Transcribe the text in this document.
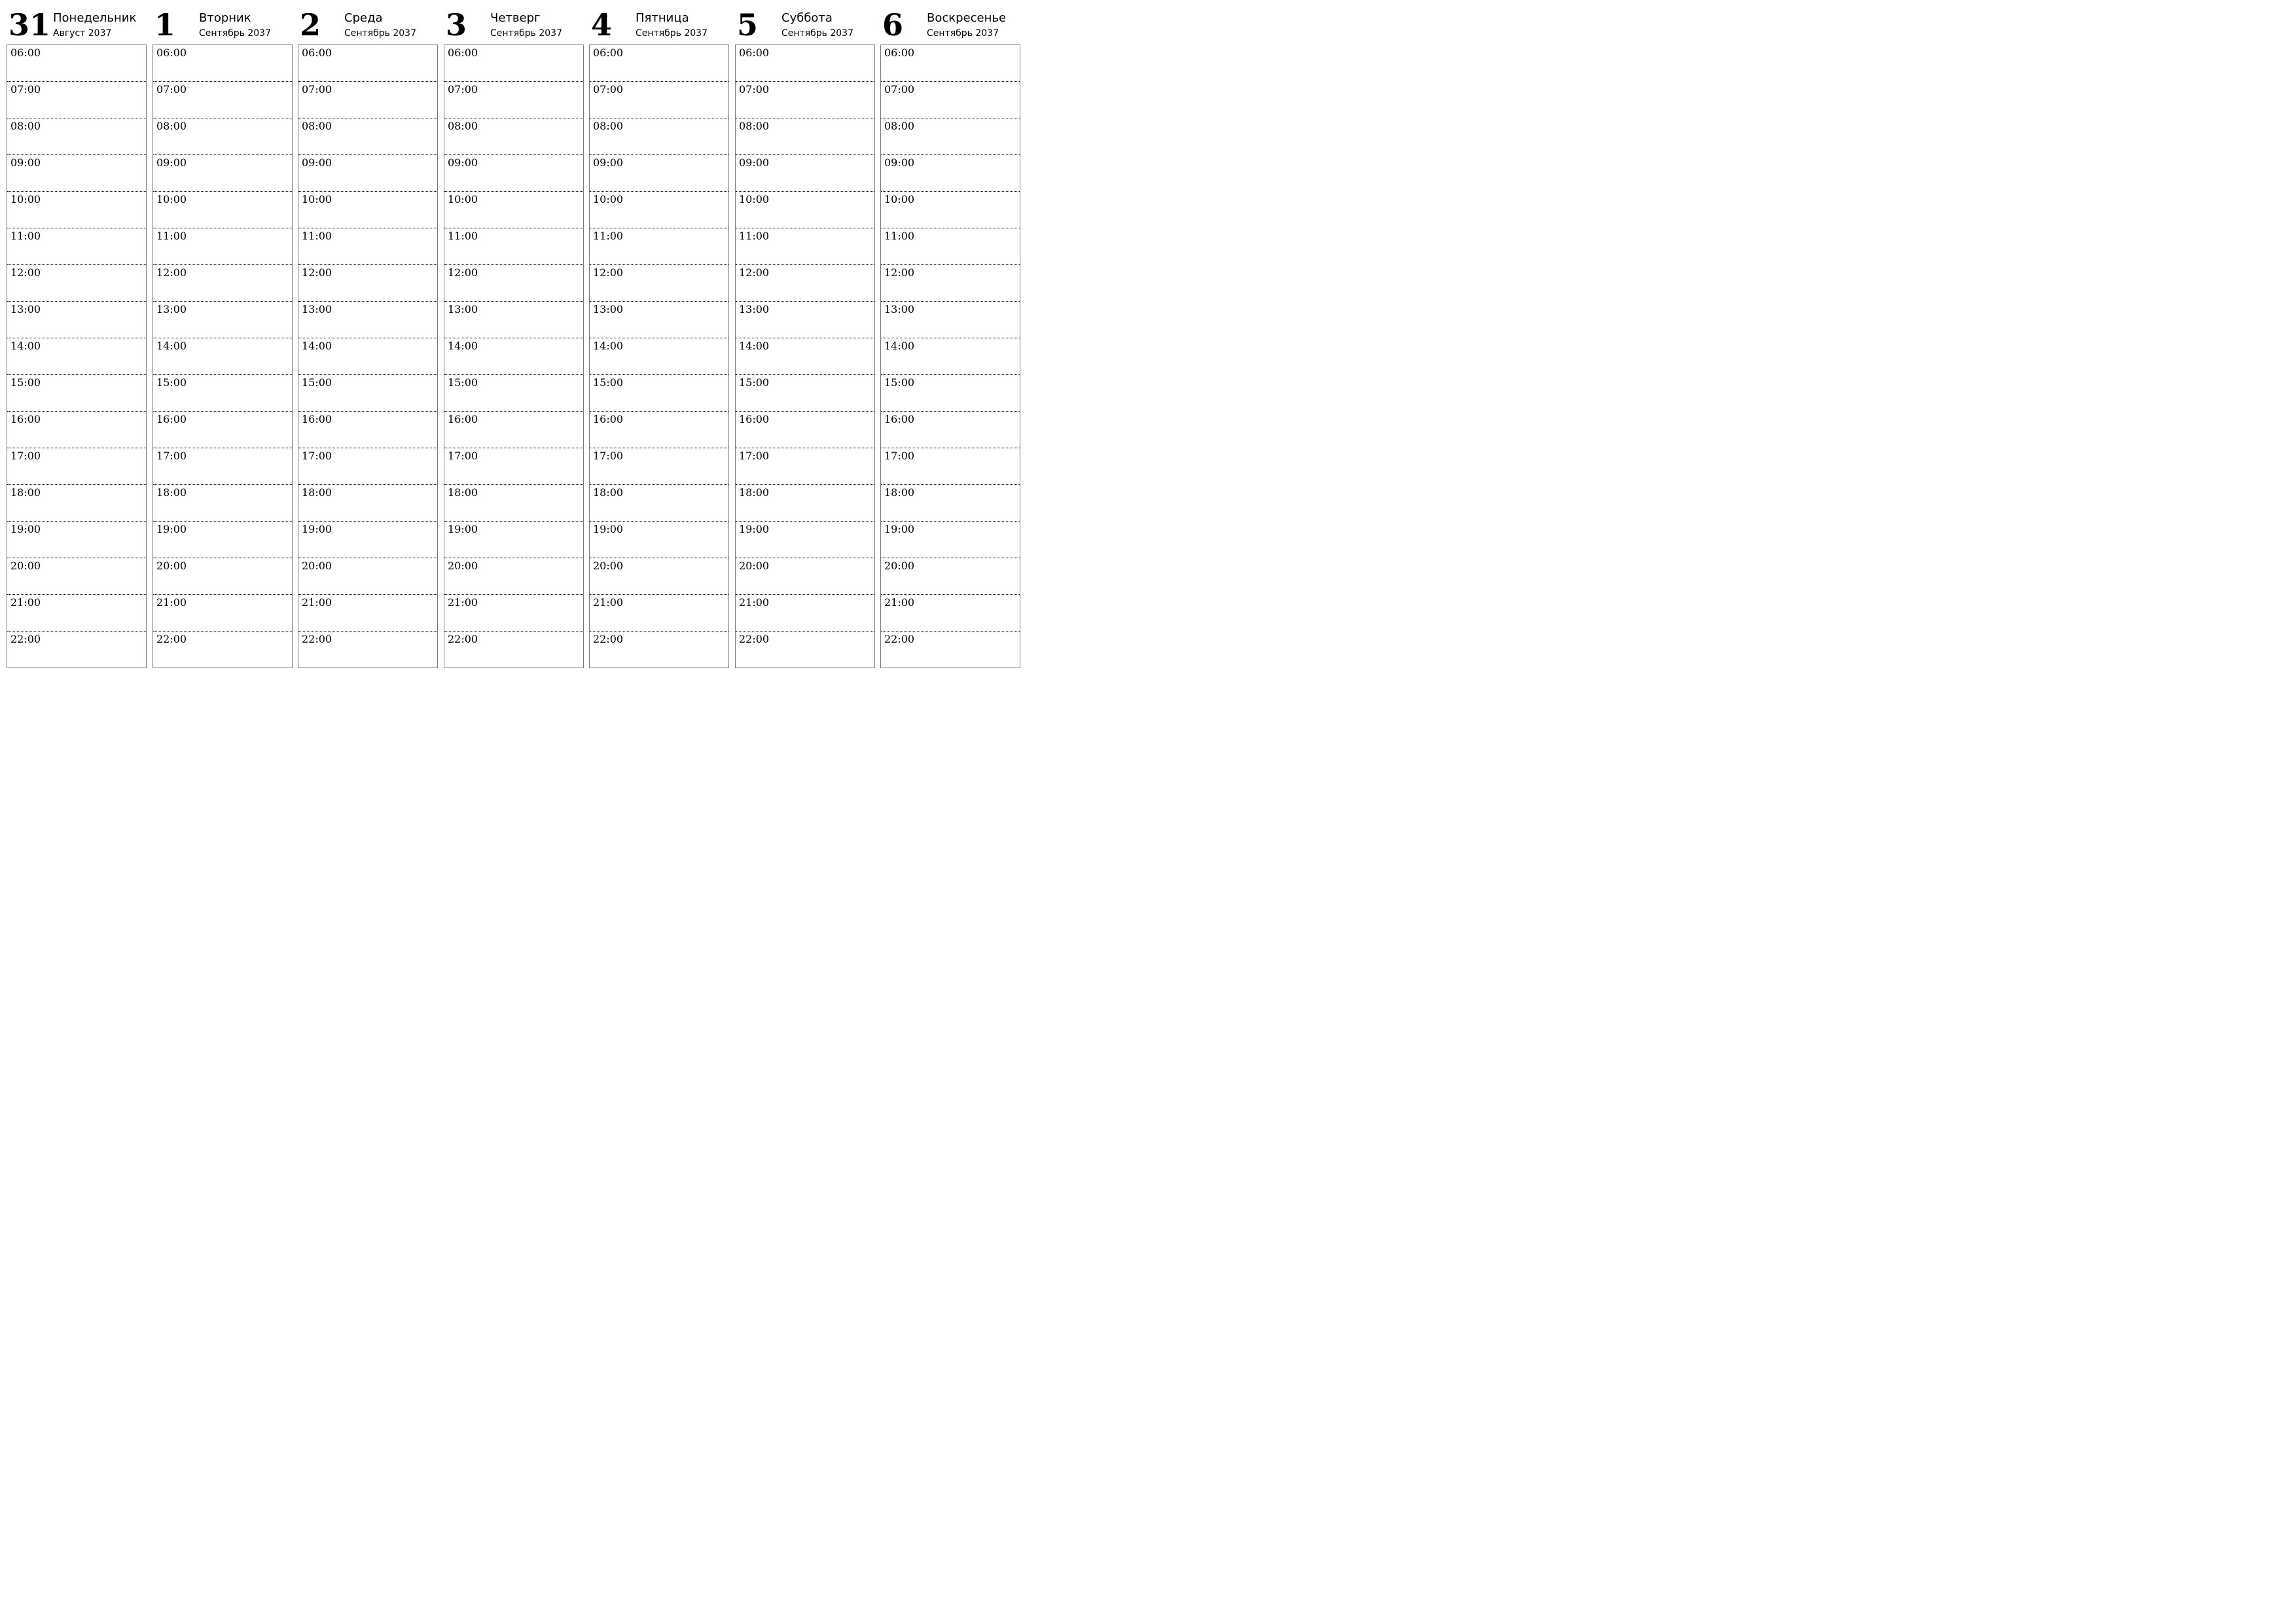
31 Понедельник
Август 2037
06:00
07:00
08:00
09:00
10:00
11:00
12:00
13:00
14:00
15:00
16:00
17:00
18:00
19:00
20:00
21:00
22:00
1 Вторник
Сентябрь 2037
06:00
07:00
08:00
09:00
10:00
11:00
12:00
13:00
14:00
15:00
16:00
17:00
18:00
19:00
20:00
21:00
22:00
2 Среда
Сентябрь 2037
06:00
07:00
08:00
09:00
10:00
11:00
12:00
13:00
14:00
15:00
16:00
17:00
18:00
19:00
20:00
21:00
22:00
3 Четверг
Сентябрь 2037
06:00
07:00
08:00
09:00
10:00
11:00
12:00
13:00
14:00
15:00
16:00
17:00
18:00
19:00
20:00
21:00
22:00
4 Пятница
Сентябрь 2037
06:00
07:00
08:00
09:00
10:00
11:00
12:00
13:00
14:00
15:00
16:00
17:00
18:00
19:00
20:00
21:00
22:00
5 Суббота
Сентябрь 2037
06:00
07:00
08:00
09:00
10:00
11:00
12:00
13:00
14:00
15:00
16:00
17:00
18:00
19:00
20:00
21:00
22:00
6 Воскресенье
Сентябрь 2037
06:00
07:00
08:00
09:00
10:00
11:00
12:00
13:00
14:00
15:00
16:00
17:00
18:00
19:00
20:00
21:00
22:00
